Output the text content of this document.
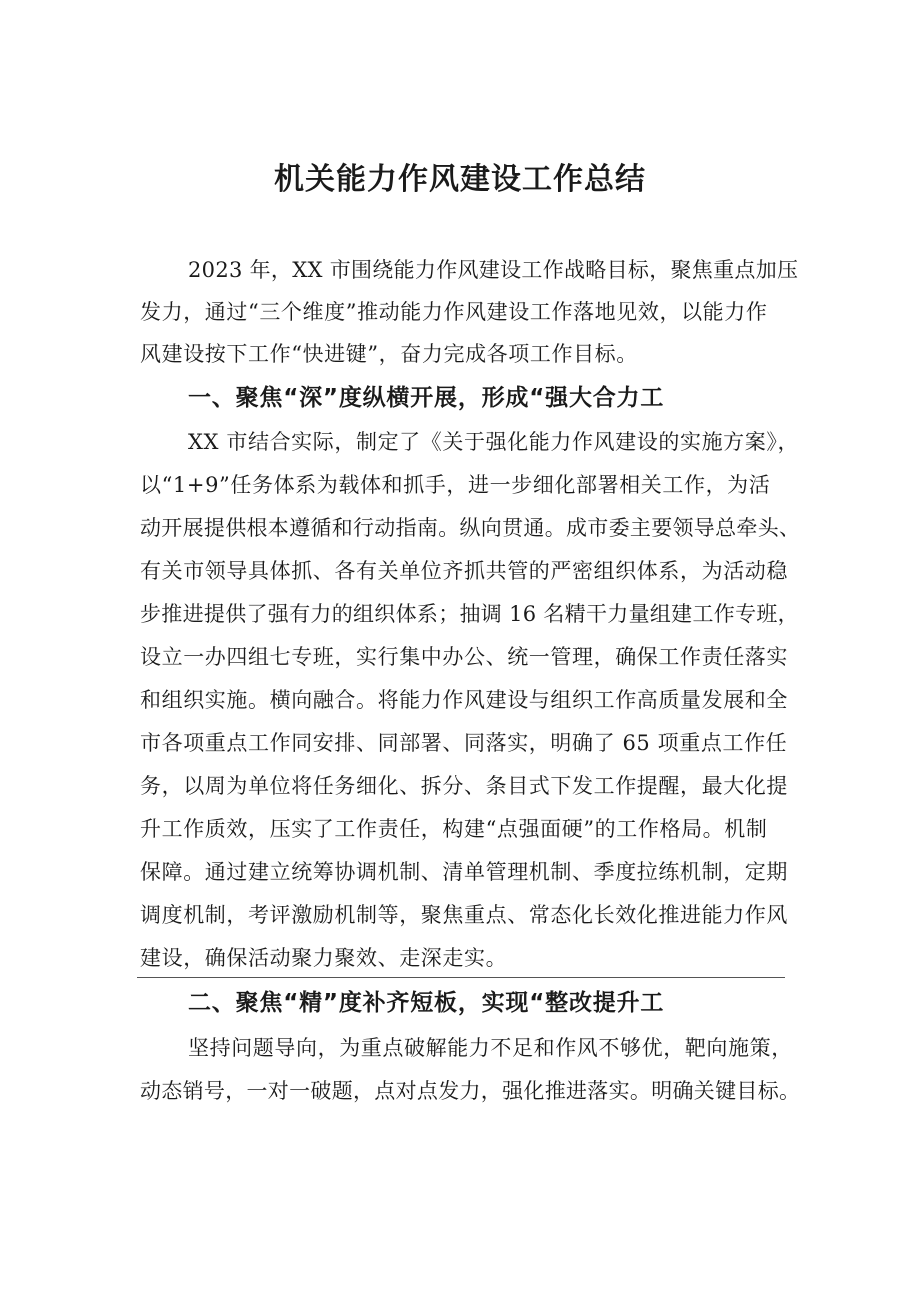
机关能力作风建设工作总结

2023 年，XX 市围绕能力作风建设工作战略目标，聚焦重点加压

发力，通过“三个维度”推动能力作风建设工作落地见效，以能力作

风建设按下工作“快进键”，奋力完成各项工作目标。

一、聚焦“深”度纵横开展，形成“强大合力工

XX 市结合实际，制定了《关于强化能力作风建设的实施方案》，

以“1+9”任务体系为载体和抓手，进一步细化部署相关工作，为活

动开展提供根本遵循和行动指南。纵向贯通。成市委主要领导总牵头、

有关市领导具体抓、各有关单位齐抓共管的严密组织体系，为活动稳

步推进提供了强有力的组织体系；抽调 16 名精干力量组建工作专班，

设立一办四组七专班，实行集中办公、统一管理，确保工作责任落实

和组织实施。横向融合。将能力作风建设与组织工作高质量发展和全

市各项重点工作同安排、同部署、同落实，明确了 65 项重点工作任

务，以周为单位将任务细化、拆分、条目式下发工作提醒，最大化提

升工作质效，压实了工作责任，构建“点强面硬”的工作格局。机制

保障。通过建立统筹协调机制、清单管理机制、季度拉练机制，定期

调度机制，考评激励机制等，聚焦重点、常态化长效化推进能力作风

建设，确保活动聚力聚效、走深走实。

二、聚焦“精”度补齐短板，实现“整改提升工

坚持问题导向，为重点破解能力不足和作风不够优，靶向施策，

动态销号，一对一破题，点对点发力，强化推进落实。明确关键目标。
